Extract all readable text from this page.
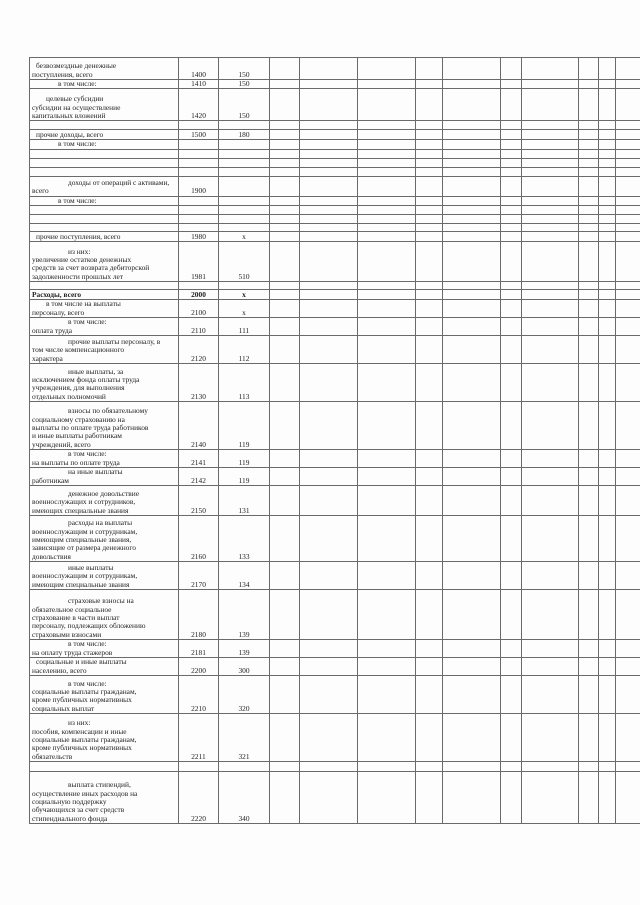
безвозмездные денежные
поступления, всего	1400	150										

в том числе:	1410	150										

целевые субсидии
субсидии на осуществление
капитальных вложений	1420	150										

прочие доходы, всего	1500	180										

в том числе:												

доходы от операций с активами,
всего	1900											

в том числе:												

прочие поступления, всего	1980	x										

из них:
увеличение остатков денежных
средств за счет возврата дебиторской
задолженности прошлых лет	1981	510										

Расходы, всего	2000	x										

в том числе на выплаты
персоналу, всего	2100	x										

в том числе:
оплата труда	2110	111										

прочие выплаты персоналу, в
том числе компенсационного
характера	2120	112										

иные выплаты, за
исключением фонда оплаты труда
учреждения, для выполнения
отдельных полномочий	2130	113										

взносы по обязательному
социальному страхованию на
выплаты по оплате труда работников
и иные выплаты работникам
учреждений, всего	2140	119										

в том числе:
на выплаты по оплате труда	2141	119										

на иные выплаты
работникам	2142	119										

денежное довольствие
военнослужащих и сотрудников,
имеющих специальные звания	2150	131										

расходы на выплаты
военнослужащим и сотрудникам,
имеющим специальные звания,
зависящие от размера денежного
довольствия	2160	133										

иные выплаты
военнослужащим и сотрудникам,
имеющим специальные звания	2170	134										

страховые взносы на
обязательное социальное
страхование в части выплат
персоналу, подлежащих обложению
страховыми взносами	2180	139										

в том числе:
на оплату труда стажеров	2181	139										

социальные и иные выплаты
населению, всего	2200	300										

в том числе:
социальные выплаты гражданам,
кроме публичных нормативных
социальных выплат	2210	320										

из них:
пособия, компенсации и иные
социальные выплаты гражданам,
кроме публичных нормативных
обязательств	2211	321										

выплата стипендий,
осуществление иных расходов на
социальную поддержку
обучающихся за счет средств
стипендиального фонда	2220	340										
